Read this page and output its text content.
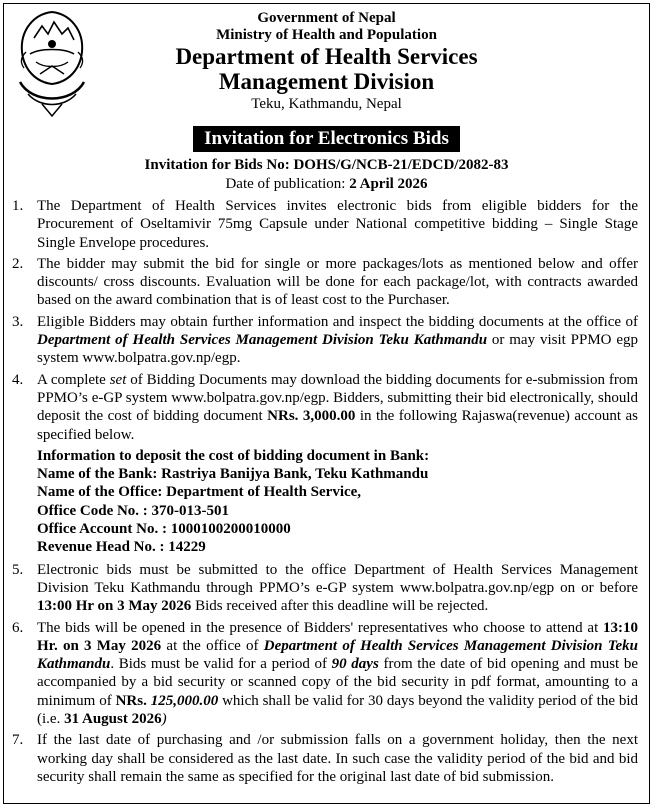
Government of Nepal
Ministry of Health and Population
Department of Health Services
Management Division
Teku, Kathmandu, Nepal
Invitation for Electronics Bids
Invitation for Bids No: DOHS/G/NCB-21/EDCD/2082-83
Date of publication: 2 April 2026
1. The Department of Health Services invites electronic bids from eligible bidders for the Procurement of Oseltamivir 75mg Capsule under National competitive bidding – Single Stage Single Envelope procedures.
2. The bidder may submit the bid for single or more packages/lots as mentioned below and offer discounts/ cross discounts. Evaluation will be done for each package/lot, with contracts awarded based on the award combination that is of least cost to the Purchaser.
3. Eligible Bidders may obtain further information and inspect the bidding documents at the office of Department of Health Services Management Division Teku Kathmandu or may visit PPMO egp system www.bolpatra.gov.np/egp.
4. A complete set of Bidding Documents may download the bidding documents for e-submission from PPMO’s e-GP system www.bolpatra.gov.np/egp. Bidders, submitting their bid electronically, should deposit the cost of bidding document NRs. 3,000.00 in the following Rajaswa(revenue) account as specified below.
Information to deposit the cost of bidding document in Bank:
Name of the Bank: Rastriya Banijya Bank, Teku Kathmandu
Name of the Office: Department of Health Service,
Office Code No. : 370-013-501
Office Account No. : 1000100200010000
Revenue Head No. : 14229
5. Electronic bids must be submitted to the office Department of Health Services Management Division Teku Kathmandu through PPMO’s e-GP system www.bolpatra.gov.np/egp on or before 13:00 Hr on 3 May 2026 Bids received after this deadline will be rejected.
6. The bids will be opened in the presence of Bidders' representatives who choose to attend at 13:10 Hr. on 3 May 2026 at the office of Department of Health Services Management Division Teku Kathmandu. Bids must be valid for a period of 90 days from the date of bid opening and must be accompanied by a bid security or scanned copy of the bid security in pdf format, amounting to a minimum of NRs. 125,000.00 which shall be valid for 30 days beyond the validity period of the bid (i.e. 31 August 2026)
7. If the last date of purchasing and /or submission falls on a government holiday, then the next working day shall be considered as the last date. In such case the validity period of the bid and bid security shall remain the same as specified for the original last date of bid submission.
